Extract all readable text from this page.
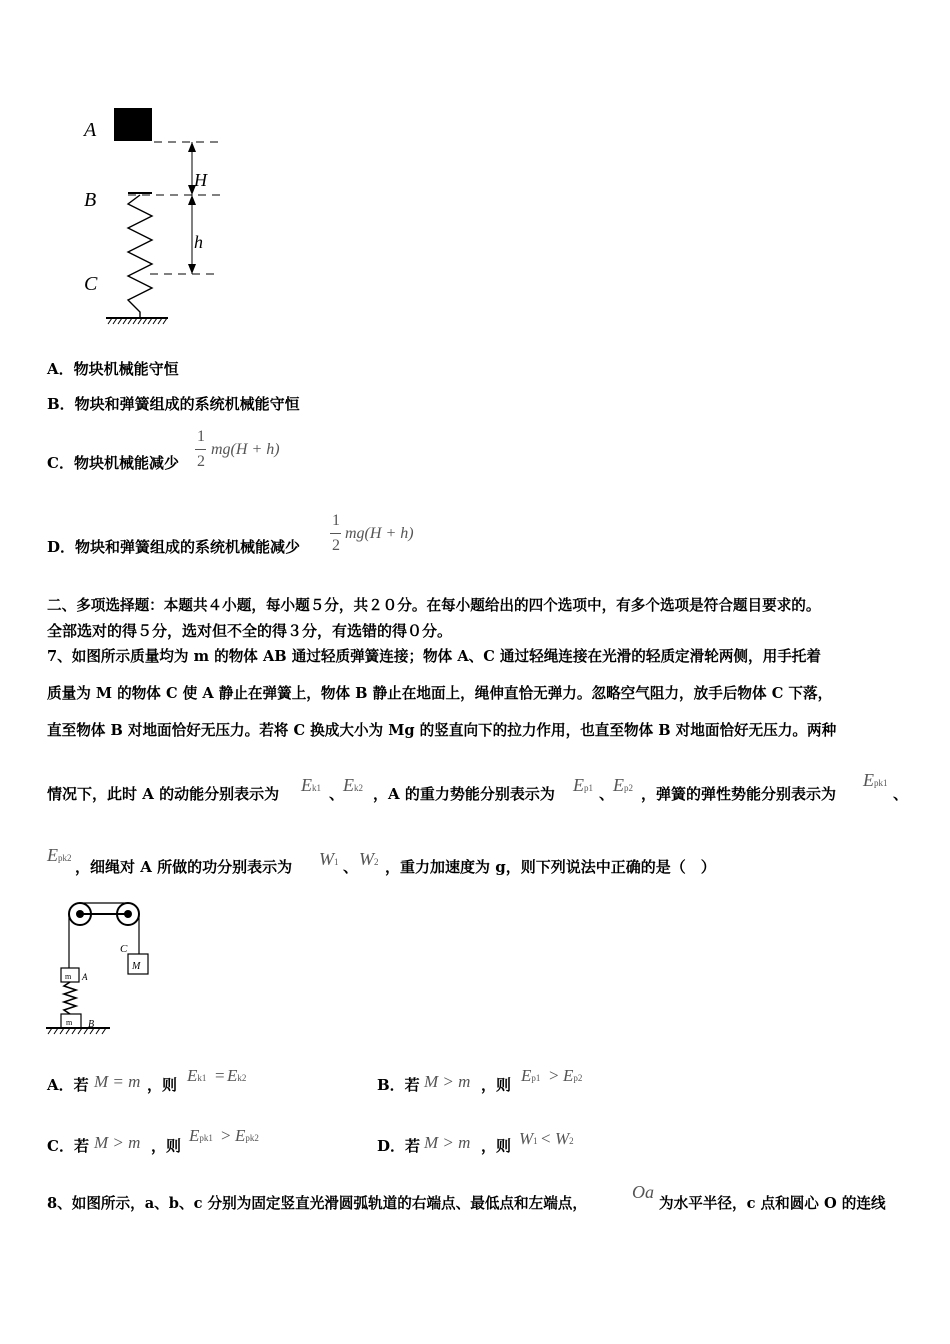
A
B
C
H
h
A．物块机械能守恒
B．物块和弹簧组成的系统机械能守恒
C．物块机械能减少
1
2
mg(H + h)
D．物块和弹簧组成的系统机械能减少
1
2
mg(H + h)
二、多项选择题：本题共４小题，每小题５分，共２０分。在每小题给出的四个选项中，有多个选项是符合题目要求的。
全部选对的得５分，选对但不全的得３分，有选错的得０分。
7、如图所示质量均为 m 的物体 AB 通过轻质弹簧连接；物体 A、C 通过轻绳连接在光滑的轻质定滑轮两侧，用手托着
质量为 M 的物体 C 使 A 静止在弹簧上，物体 B 静止在地面上，绳伸直恰无弹力。忽略空气阻力，放手后物体 C 下落，
直至物体 B 对地面恰好无压力。若将 C 换成大小为 Mg 的竖直向下的拉力作用，也直至物体 B 对地面恰好无压力。两种
情况下，此时 A 的动能分别表示为 Ek1 、
Ek2 ，A 的重力势能分别表示为 Ep1 、
Ep2 ，弹簧的弹性势能分别表示为
Epk1
、
Epk2 ，细绳对 A 所做的功分别表示为 W1 、 W2 ，重力加速度为 g，则下列说法中正确的是（　）
C
M
m A
m B
A．若 M = m ，则 Ek1 = Ek2	B．若 M > m ，则 Ep1 > Ep2
C．若 M > m ，则
Epk1 > Epk2	D．若 M > m ，则 W1 < W2
8、如图所示，a、b、c 分别为固定竖直光滑圆弧轨道的右端点、最低点和左端点，
Oa
为水平半径，c 点和圆心 O 的连线
